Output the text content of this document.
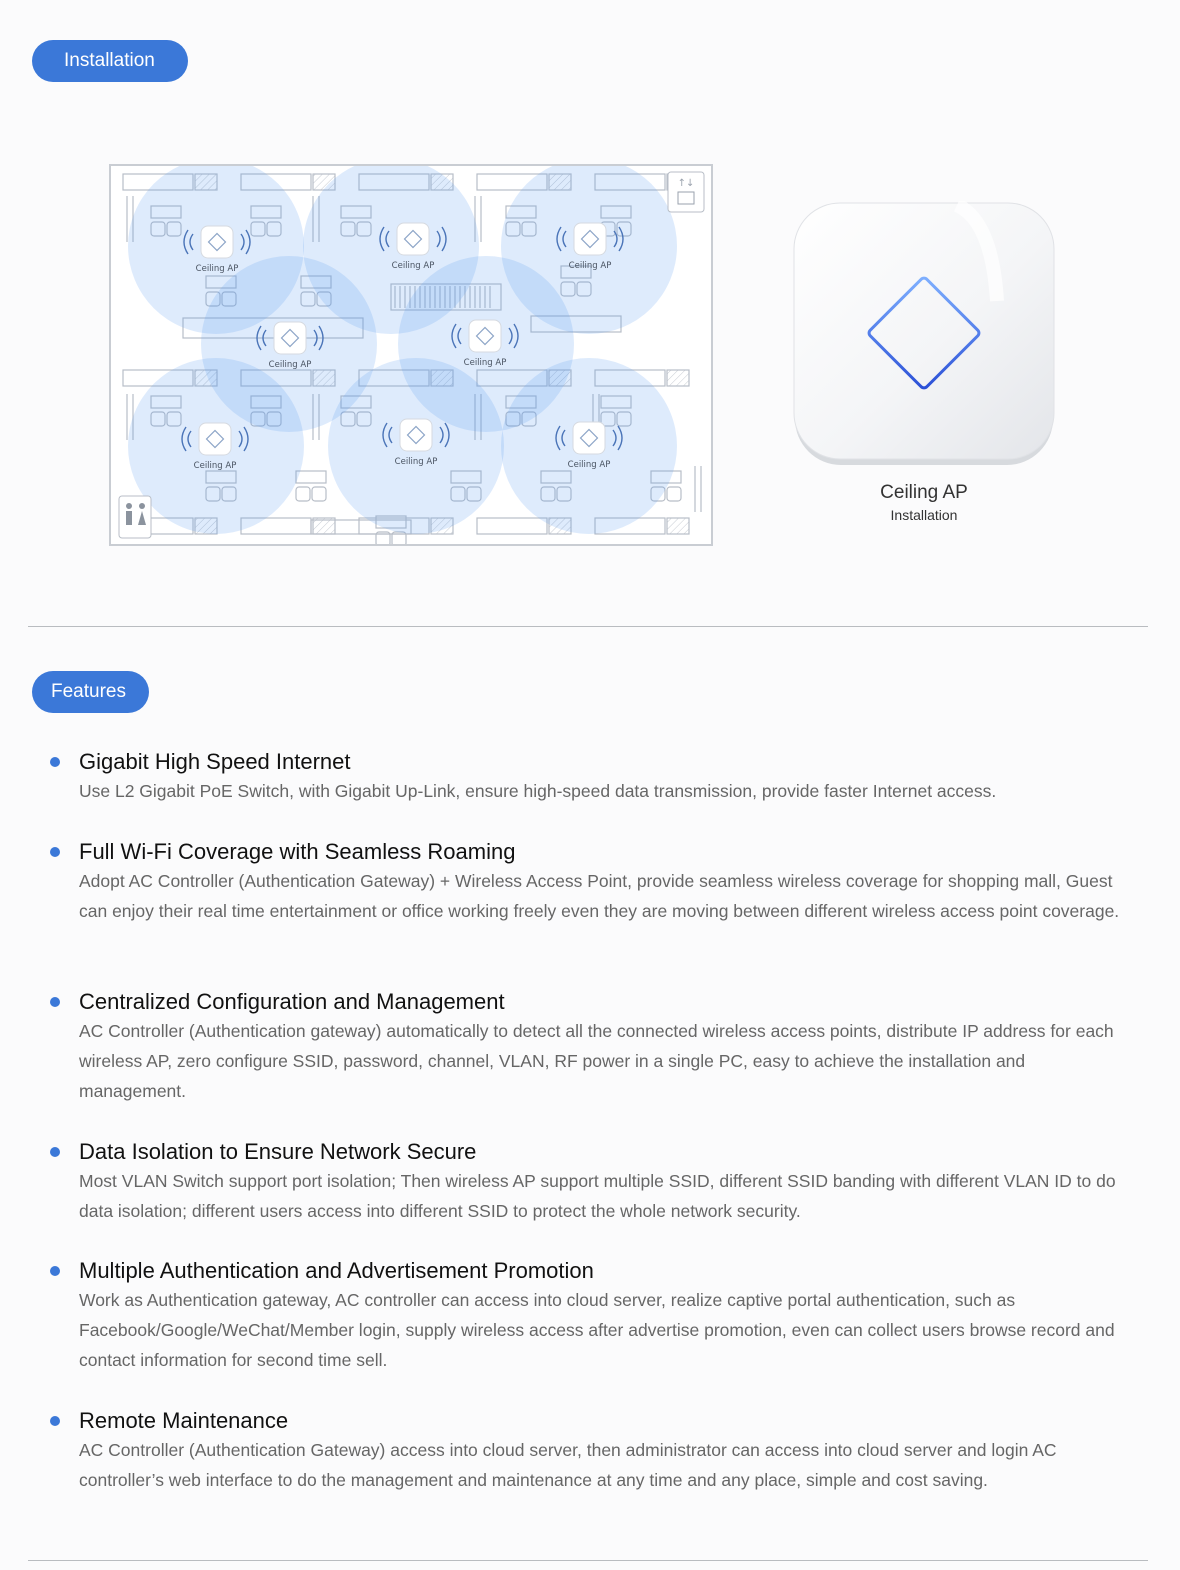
Installation
Ceiling AP	Ceiling AP	Ceiling AP
Ceiling AP	Ceiling AP
Ceiling AP	Ceiling AP	Ceiling AP
↑↓
Ceiling AP
Installation
Features
Gigabit High Speed Internet
Use L2 Gigabit PoE Switch, with Gigabit Up-Link, ensure high-speed data transmission, provide faster Internet access.
Full Wi-Fi Coverage with Seamless Roaming
Adopt AC Controller (Authentication Gateway) + Wireless Access Point, provide seamless wireless coverage for shopping mall, Guest can enjoy their real time entertainment or office working freely even they are moving between different wireless access point coverage.
Centralized Configuration and Management
AC Controller (Authentication gateway) automatically to detect all the connected wireless access points, distribute IP address for each wireless AP, zero configure SSID, password, channel, VLAN, RF power in a single PC, easy to achieve the installation and management.
Data Isolation to Ensure Network Secure
Most VLAN Switch support port isolation; Then wireless AP support multiple SSID, different SSID banding with different VLAN ID to do data isolation; different users access into different SSID to protect the whole network security.
Multiple Authentication and Advertisement Promotion
Work as Authentication gateway, AC controller can access into cloud server, realize captive portal authentication, such as Facebook/Google/WeChat/Member login, supply wireless access after advertise promotion, even can collect users browse record and contact information for second time sell.
Remote Maintenance
AC Controller (Authentication Gateway) access into cloud server, then administrator can access into cloud server and login AC controller’s web interface to do the management and maintenance at any time and any place, simple and cost saving.
